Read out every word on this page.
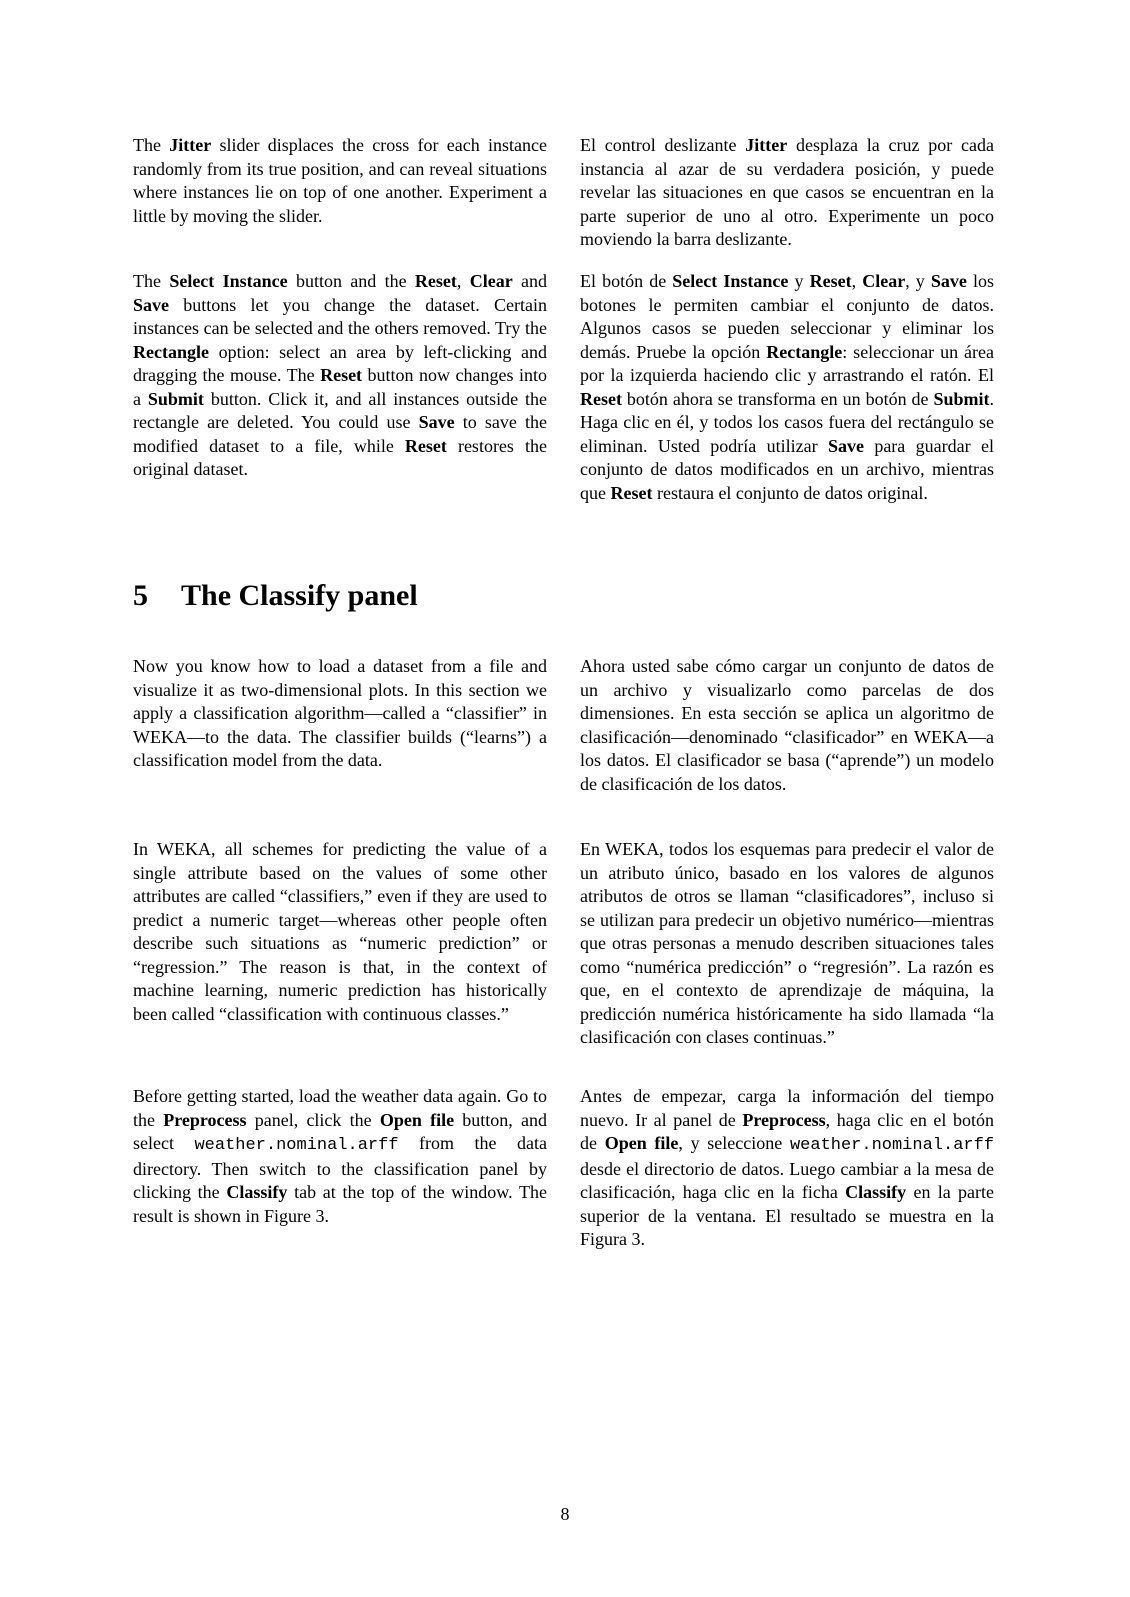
The Jitter slider displaces the cross for each instance randomly from its true position, and can reveal situations where instances lie on top of one another. Experiment a little by moving the slider.

El control deslizante Jitter desplaza la cruz por cada instancia al azar de su verdadera posición, y puede revelar las situaciones en que casos se encuentran en la parte superior de uno al otro. Experimente un poco moviendo la barra deslizante.

The Select Instance button and the Reset, Clear and Save buttons let you change the dataset. Certain instances can be selected and the others removed. Try the Rectangle option: select an area by left-clicking and dragging the mouse. The Reset button now changes into a Submit button. Click it, and all instances outside the rectangle are deleted. You could use Save to save the modified dataset to a file, while Reset restores the original dataset.

El botón de Select Instance y Reset, Clear, y Save los botones le permiten cambiar el conjunto de datos. Algunos casos se pueden seleccionar y eliminar los demás. Pruebe la opción Rectangle: seleccionar un área por la izquierda haciendo clic y arrastrando el ratón. El Reset botón ahora se transforma en un botón de Submit. Haga clic en él, y todos los casos fuera del rectángulo se eliminan. Usted podría utilizar Save para guardar el conjunto de datos modificados en un archivo, mientras que Reset restaura el conjunto de datos original.

5 The Classify panel

Now you know how to load a dataset from a file and visualize it as two-dimensional plots. In this section we apply a classification algorithm—called a “classifier” in WEKA—to the data. The classifier builds (“learns”) a classification model from the data.

Ahora usted sabe cómo cargar un conjunto de datos de un archivo y visualizarlo como parcelas de dos dimensiones. En esta sección se aplica un algoritmo de clasificación—denominado “clasificador” en WEKA—a los datos. El clasificador se basa (“aprende”) un modelo de clasificación de los datos.

In WEKA, all schemes for predicting the value of a single attribute based on the values of some other attributes are called “classifiers,” even if they are used to predict a numeric target—whereas other people often describe such situations as “numeric prediction” or “regression.” The reason is that, in the context of machine learning, numeric prediction has historically been called “classification with continuous classes.”

En WEKA, todos los esquemas para predecir el valor de un atributo único, basado en los valores de algunos atributos de otros se llaman “clasificadores”, incluso si se utilizan para predecir un objetivo numérico—mientras que otras personas a menudo describen situaciones tales como “numérica predicción” o “regresión”. La razón es que, en el contexto de aprendizaje de máquina, la predicción numérica históricamente ha sido llamada “la clasificación con clases continuas.”

Before getting started, load the weather data again. Go to the Preprocess panel, click the Open file button, and select weather.nominal.arff from the data directory. Then switch to the classification panel by clicking the Classify tab at the top of the window. The result is shown in Figure 3.

Antes de empezar, carga la información del tiempo nuevo. Ir al panel de Preprocess, haga clic en el botón de Open file, y seleccione weather.nominal.arff desde el directorio de datos. Luego cambiar a la mesa de clasificación, haga clic en la ficha Classify en la parte superior de la ventana. El resultado se muestra en la Figura 3.

8
